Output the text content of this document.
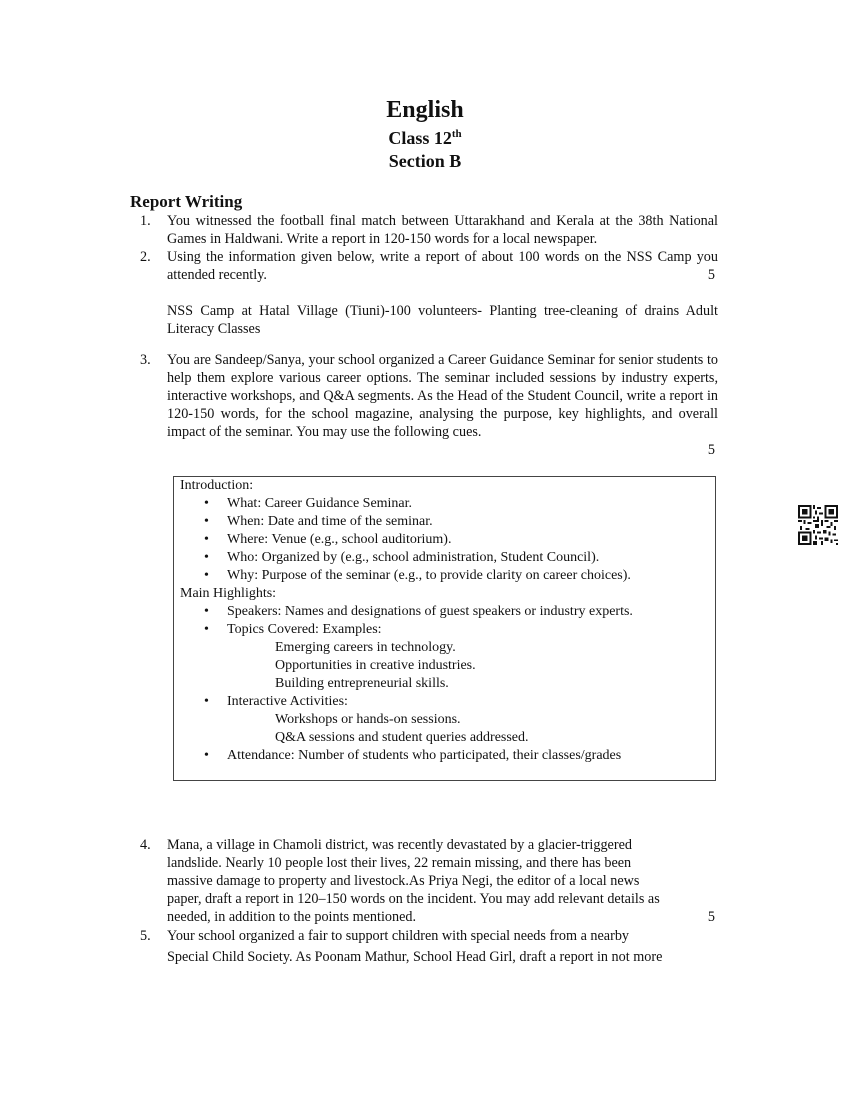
English
Class 12th
Section B
Report Writing
1. You witnessed the football final match between Uttarakhand and Kerala at the 38th National Games in Haldwani. Write a report in 120-150 words for a local newspaper.
2. Using the information given below, write a report of about 100 words on the NSS Camp you attended recently.	5
NSS Camp at Hatal Village (Tiuni)-100 volunteers- Planting tree-cleaning of drains Adult Literacy Classes
3. You are Sandeep/Sanya, your school organized a Career Guidance Seminar for senior students to help them explore various career options. The seminar included sessions by industry experts, interactive workshops, and Q&A segments. As the Head of the Student Council, write a report in 120-150 words, for the school magazine, analysing the purpose, key highlights, and overall impact of the seminar. You may use the following cues.
5
Introduction:
• What: Career Guidance Seminar.
• When: Date and time of the seminar.
• Where: Venue (e.g., school auditorium).
• Who: Organized by (e.g., school administration, Student Council).
• Why: Purpose of the seminar (e.g., to provide clarity on career choices).
Main Highlights:
• Speakers: Names and designations of guest speakers or industry experts.
• Topics Covered: Examples:
Emerging careers in technology.
Opportunities in creative industries.
Building entrepreneurial skills.
• Interactive Activities:
Workshops or hands-on sessions.
Q&A sessions and student queries addressed.
• Attendance: Number of students who participated, their classes/grades
4. Mana, a village in Chamoli district, was recently devastated by a glacier-triggered
landslide. Nearly 10 people lost their lives, 22 remain missing, and there has been
massive damage to property and livestock.As Priya Negi, the editor of a local news
paper, draft a report in 120–150 words on the incident. You may add relevant details as
needed, in addition to the points mentioned.	5
5. Your school organized a fair to support children with special needs from a nearby
Special Child Society. As Poonam Mathur, School Head Girl, draft a report in not more
